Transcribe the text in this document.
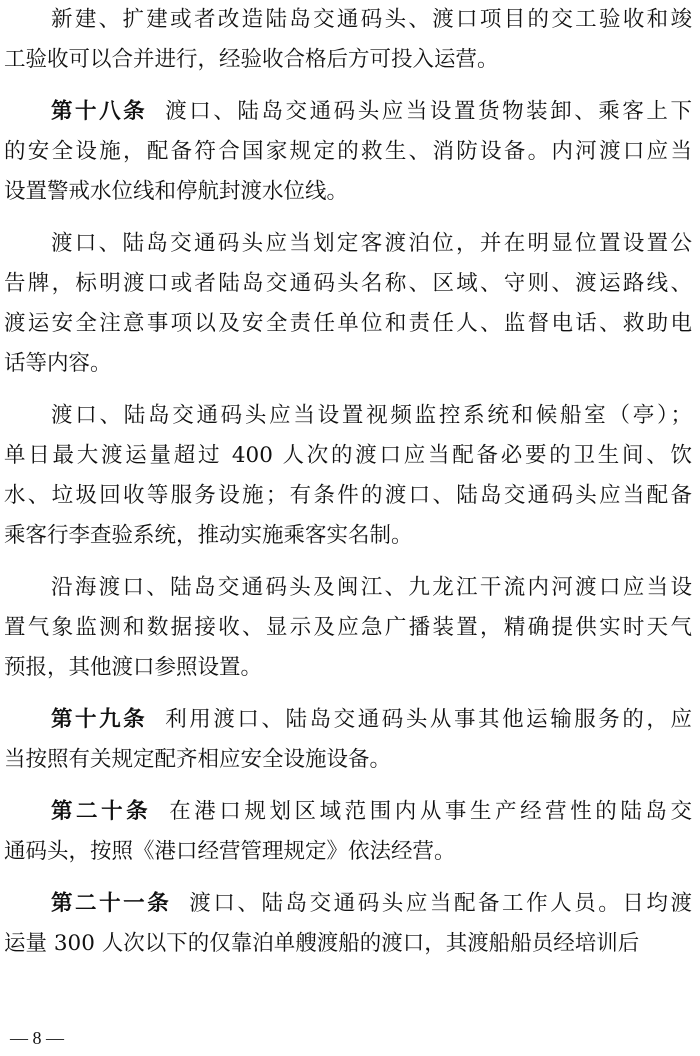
新建、扩建或者改造陆岛交通码头、渡口项目的交工验收和竣
工验收可以合并进行，经验收合格后方可投入运营。
第十八条 渡口、陆岛交通码头应当设置货物装卸、乘客上下
的安全设施，配备符合国家规定的救生、消防设备。内河渡口应当
设置警戒水位线和停航封渡水位线。
渡口、陆岛交通码头应当划定客渡泊位，并在明显位置设置公
告牌，标明渡口或者陆岛交通码头名称、区域、守则、渡运路线、
渡运安全注意事项以及安全责任单位和责任人、监督电话、救助电
话等内容。
渡口、陆岛交通码头应当设置视频监控系统和候船室（亭）；
单日最大渡运量超过 400 人次的渡口应当配备必要的卫生间、饮
水、垃圾回收等服务设施；有条件的渡口、陆岛交通码头应当配备
乘客行李查验系统，推动实施乘客实名制。
沿海渡口、陆岛交通码头及闽江、九龙江干流内河渡口应当设
置气象监测和数据接收、显示及应急广播装置，精确提供实时天气
预报，其他渡口参照设置。
第十九条 利用渡口、陆岛交通码头从事其他运输服务的，应
当按照有关规定配齐相应安全设施设备。
第二十条 在港口规划区域范围内从事生产经营性的陆岛交
通码头，按照《港口经营管理规定》依法经营。
第二十一条 渡口、陆岛交通码头应当配备工作人员。日均渡
运量 300 人次以下的仅靠泊单艘渡船的渡口，其渡船船员经培训后
— 8 —
